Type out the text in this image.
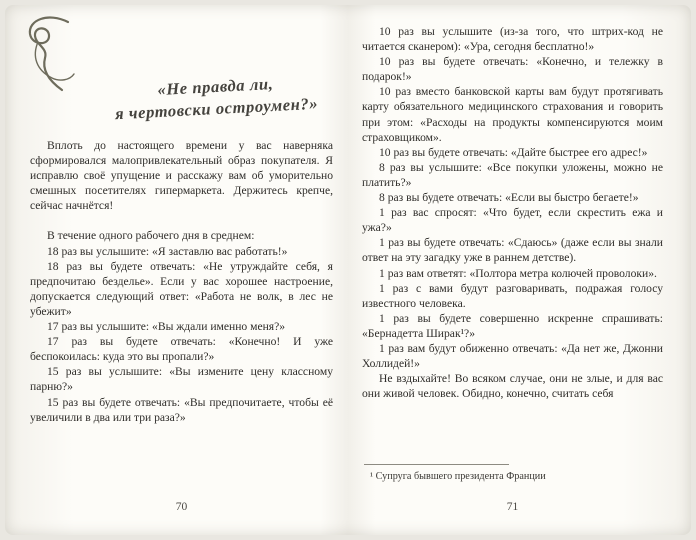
«Не правда ли,
я чертовски остроумен?»

Вплоть до настоящего времени у вас наверняка сформировался малопривлекательный образ покупателя. Я исправлю своё упущение и расскажу вам об уморительно смешных посетителях гипермаркета. Держитесь крепче, сейчас начнётся!

В течение одного рабочего дня в среднем:

18 раз вы услышите: «Я заставлю вас работать!»

18 раз вы будете отвечать: «Не утруждайте себя, я предпочитаю безделье». Если у вас хорошее настроение, допускается следующий ответ: «Работа не волк, в лес не убежит»

17 раз вы услышите: «Вы ждали именно меня?»

17 раз вы будете отвечать: «Конечно! И уже беспокоилась: куда это вы пропали?»

15 раз вы услышите: «Вы измените цену классному парню?»

15 раз вы будете отвечать: «Вы предпочитаете, чтобы её увеличили в два или три раза?»

10 раз вы услышите (из-за того, что штрих-код не читается сканером): «Ура, сегодня бесплатно!»

10 раз вы будете отвечать: «Конечно, и тележку в подарок!»

10 раз вместо банковской карты вам будут протягивать карту обязательного медицинского страхования и говорить при этом: «Расходы на продукты компенсируются моим страховщиком».

10 раз вы будете отвечать: «Дайте быстрее его адрес!»

8 раз вы услышите: «Все покупки уложены, можно не платить?»

8 раз вы будете отвечать: «Если вы быстро бегаете!»

1 раз вас спросят: «Что будет, если скрестить ежа и ужа?»

1 раз вы будете отвечать: «Сдаюсь» (даже если вы знали ответ на эту загадку уже в раннем детстве).

1 раз вам ответят: «Полтора метра колючей проволоки».

1 раз с вами будут разговаривать, подражая голосу известного человека.

1 раз вы будете совершенно искренне спрашивать: «Бернадетта Ширак¹?»

1 раз вам будут обиженно отвечать: «Да нет же, Джонни Холлидей!»

Не вздыхайте! Во всяком случае, они не злые, и для вас они живой человек. Обидно, конечно, считать себя

¹ Супруга бывшего президента Франции

70	71
